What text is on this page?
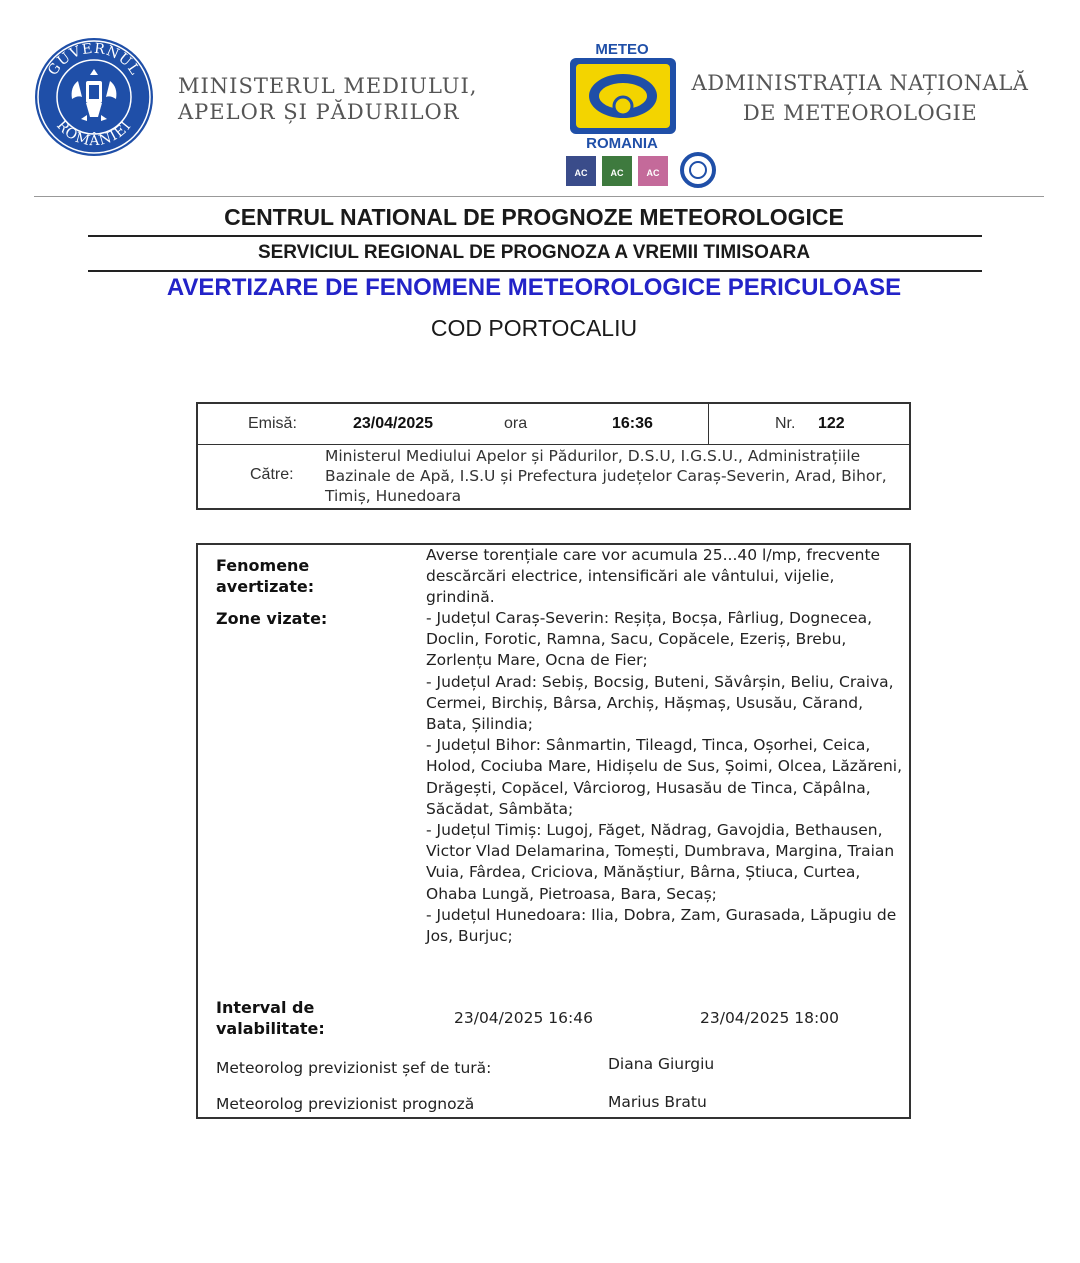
GUVERNUL
ROMÂNIEI
MINISTERUL MEDIULUI,
APELOR ȘI PĂDURILOR
METEO
ROMANIA
AC	AC	AC
ADMINISTRAȚIA NAȚIONALĂ
DE METEOROLOGIE
CENTRUL NATIONAL DE PROGNOZE METEOROLOGICE
SERVICIUL REGIONAL DE PROGNOZA A VREMII TIMISOARA
AVERTIZARE DE FENOMENE METEOROLOGICE PERICULOASE
COD PORTOCALIU
Emisă:	23/04/2025	ora	16:36	Nr. 122
Către:
Ministerul Mediului Apelor și Pădurilor, D.S.U, I.G.S.U., Administrațiile Bazinale de Apă, I.S.U și Prefectura județelor Caraș-Severin, Arad, Bihor, Timiș, Hunedoara
Fenomene avertizate:
Averse torențiale care vor acumula 25...40 l/mp, frecvente descărcări electrice, intensificări ale vântului, vijelie, grindină.
Zone vizate:	- Județul Caraș-Severin: Reșița, Bocșa, Fârliug, Dognecea, Doclin, Forotic, Ramna, Sacu, Copăcele, Ezeriș, Brebu, Zorlențu Mare, Ocna de Fier;
- Județul Arad: Sebiș, Bocsig, Buteni, Săvârșin, Beliu, Craiva, Cermei, Birchiș, Bârsa, Archiș, Hășmaș, Ususău, Cărand, Bata, Șilindia;
- Județul Bihor: Sânmartin, Tileagd, Tinca, Oșorhei, Ceica, Holod, Cociuba Mare, Hidișelu de Sus, Șoimi, Olcea, Lăzăreni, Drăgești, Copăcel, Vârciorog, Husasău de Tinca, Căpâlna, Săcădat, Sâmbăta;
- Județul Timiș: Lugoj, Făget, Nădrag, Gavojdia, Bethausen, Victor Vlad Delamarina, Tomești, Dumbrava, Margina, Traian Vuia, Fârdea, Criciova, Mănăștiur, Bârna, Știuca, Curtea, Ohaba Lungă, Pietroasa, Bara, Secaș;
- Județul Hunedoara: Ilia, Dobra, Zam, Gurasada, Lăpugiu de Jos, Burjuc;
Interval de valabilitate:
23/04/2025 16:46	23/04/2025 18:00
Meteorolog previzionist șef de tură:	Diana Giurgiu
Meteorolog previzionist prognoză	Marius Bratu
